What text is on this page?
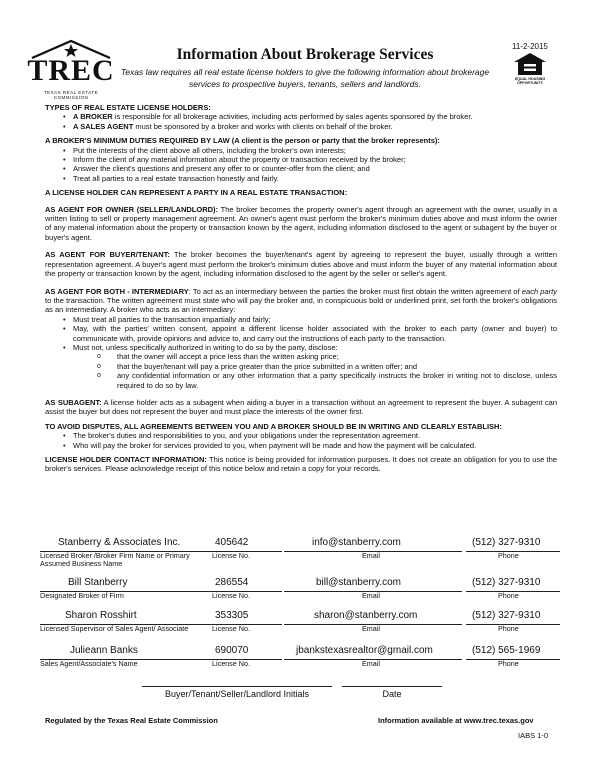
TREC
TEXAS REAL ESTATE COMMISSION
Information About Brokerage Services
Texas law requires all real estate license holders to give the following information about brokerage services to prospective buyers, tenants, sellers and landlords.
11-2-2015
EQUAL HOUSING OPPORTUNITY

TYPES OF REAL ESTATE LICENSE HOLDERS:

• A BROKER is responsible for all brokerage activities, including acts performed by sales agents sponsored by the broker.
• A SALES AGENT must be sponsored by a broker and works with clients on behalf of the broker.

A BROKER'S MINIMUM DUTIES REQUIRED BY LAW (A client is the person or party that the broker represents):

• Put the interests of the client above all others, including the broker's own interests;
• Inform the client of any material information about the property or transaction received by the broker;
• Answer the client's questions and present any offer to or counter-offer from the client; and
• Treat all parties to a real estate transaction honestly and fairly.

A LICENSE HOLDER CAN REPRESENT A PARTY IN A REAL ESTATE TRANSACTION:

AS AGENT FOR OWNER (SELLER/LANDLORD): The broker becomes the property owner's agent through an agreement with the owner, usually in a written listing to sell or property management agreement. An owner's agent must perform the broker's minimum duties above and must inform the owner of any material information about the property or transaction known by the agent, including information disclosed to the agent or subagent by the buyer or buyer's agent.

AS AGENT FOR BUYER/TENANT: The broker becomes the buyer/tenant's agent by agreeing to represent the buyer, usually through a written representation agreement. A buyer's agent must perform the broker's minimum duties above and must inform the buyer of any material information about the property or transaction known by the agent, including information disclosed to the agent by the seller or seller's agent.

AS AGENT FOR BOTH - INTERMEDIARY: To act as an intermediary between the parties the broker must first obtain the written agreement of each party to the transaction. The written agreement must state who will pay the broker and, in conspicuous bold or underlined print, set forth the broker's obligations as an intermediary. A broker who acts as an intermediary:

• Must treat all parties to the transaction impartially and fairly;
• May, with the parties' written consent, appoint a different license holder associated with the broker to each party (owner and buyer) to communicate with, provide opinions and advice to, and carry out the instructions of each party to the transaction.
• Must not, unless specifically authorized in writing to do so by the party, disclose:
o that the owner will accept a price less than the written asking price;
o that the buyer/tenant will pay a price greater than the price submitted in a written offer; and
o any confidential information or any other information that a party specifically instructs the broker in writing not to disclose, unless required to do so by law.

AS SUBAGENT: A license holder acts as a subagent when aiding a buyer in a transaction without an agreement to represent the buyer. A subagent can assist the buyer but does not represent the buyer and must place the interests of the owner first.

TO AVOID DISPUTES, ALL AGREEMENTS BETWEEN YOU AND A BROKER SHOULD BE IN WRITING AND CLEARLY ESTABLISH:

• The broker's duties and responsibilities to you, and your obligations under the representation agreement.
• Who will pay the broker for services provided to you, when payment will be made and how the payment will be calculated.

LICENSE HOLDER CONTACT INFORMATION: This notice is being provided for information purposes. It does not create an obligation for you to use the broker's services. Please acknowledge receipt of this notice below and retain a copy for your records.

Stanberry & Associates Inc.	405642	info@stanberry.com	(512) 327-9310
Licensed Broker /Broker Firm Name or Primary Assumed Business Name
License No.	Email	Phone
Bill Stanberry	286554	bill@stanberry.com	(512) 327-9310
Designated Broker of Firm	License No.	Email	Phone
Sharon Rosshirt	353305	sharon@stanberry.com	(512) 327-9310
Licensed Supervisor of Sales Agent/ Associate	License No.	Email	Phone
Julieann Banks	690070	jbankstexasrealtor@gmail.com	(512) 565-1969
Sales Agent/Associate's Name	License No.	Email	Phone
Buyer/Tenant/Seller/Landlord Initials	Date
Regulated by the Texas Real Estate Commission	Information available at www.trec.texas.gov
IABS 1-0
